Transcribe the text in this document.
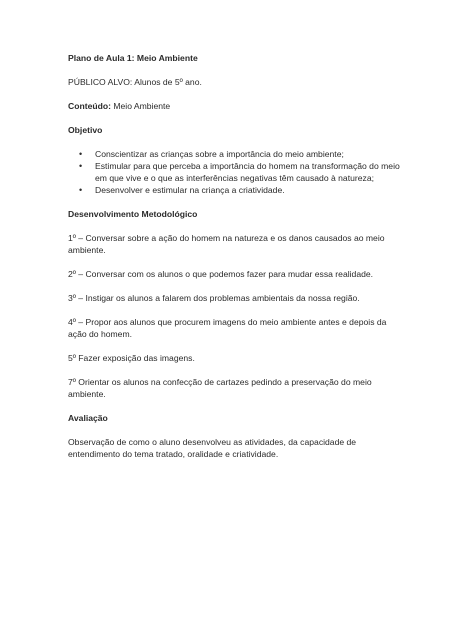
Plano de Aula 1: Meio Ambiente

PÚBLICO ALVO: Alunos de 5º ano.

Conteúdo: Meio Ambiente

Objetivo

• Conscientizar as crianças sobre a importância do meio ambiente;
• Estimular para que perceba a importância do homem na transformação do meio em que vive e o que as interferências negativas têm causado à natureza;
• Desenvolver e estimular na criança a criatividade.

Desenvolvimento Metodológico

1º – Conversar sobre a ação do homem na natureza e os danos causados ao meio ambiente.

2º – Conversar com os alunos o que podemos fazer para mudar essa realidade.

3º – Instigar os alunos a falarem dos problemas ambientais da nossa região.

4º – Propor aos alunos que procurem imagens do meio ambiente antes e depois da ação do homem.

5º Fazer exposição das imagens.

7º Orientar os alunos na confecção de cartazes pedindo a preservação do meio ambiente.

Avaliação

Observação de como o aluno desenvolveu as atividades, da capacidade de entendimento do tema tratado, oralidade e criatividade.
